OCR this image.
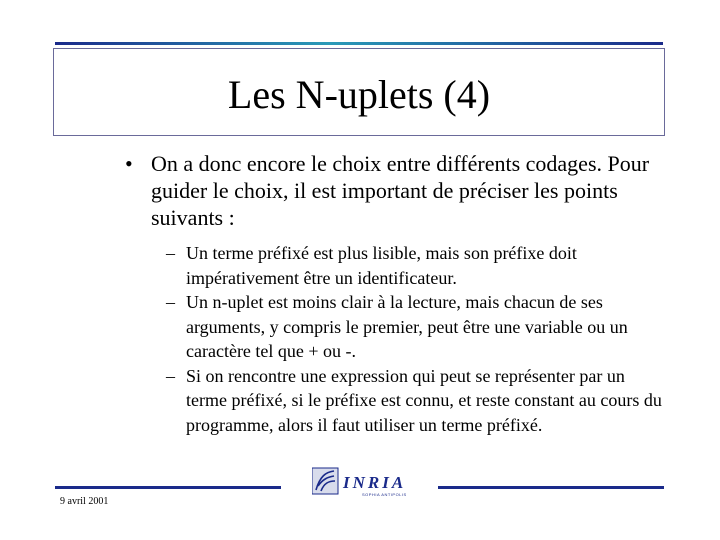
Les N-uplets (4)
• On a donc encore le choix entre différents codages. Pour guider le choix, il est important de préciser les points suivants :
– Un terme préfixé est plus lisible, mais son préfixe doit impérativement être un identificateur.
– Un n-uplet est moins clair à la lecture, mais chacun de ses arguments, y compris le premier, peut être une variable ou un caractère tel que + ou -.
– Si on rencontre une expression qui peut se représenter par un terme préfixé, si le préfixe est connu, et reste constant au cours du programme, alors il faut utiliser un terme préfixé.
INRIA
SOPHIA ANTIPOLIS
9 avril 2001
